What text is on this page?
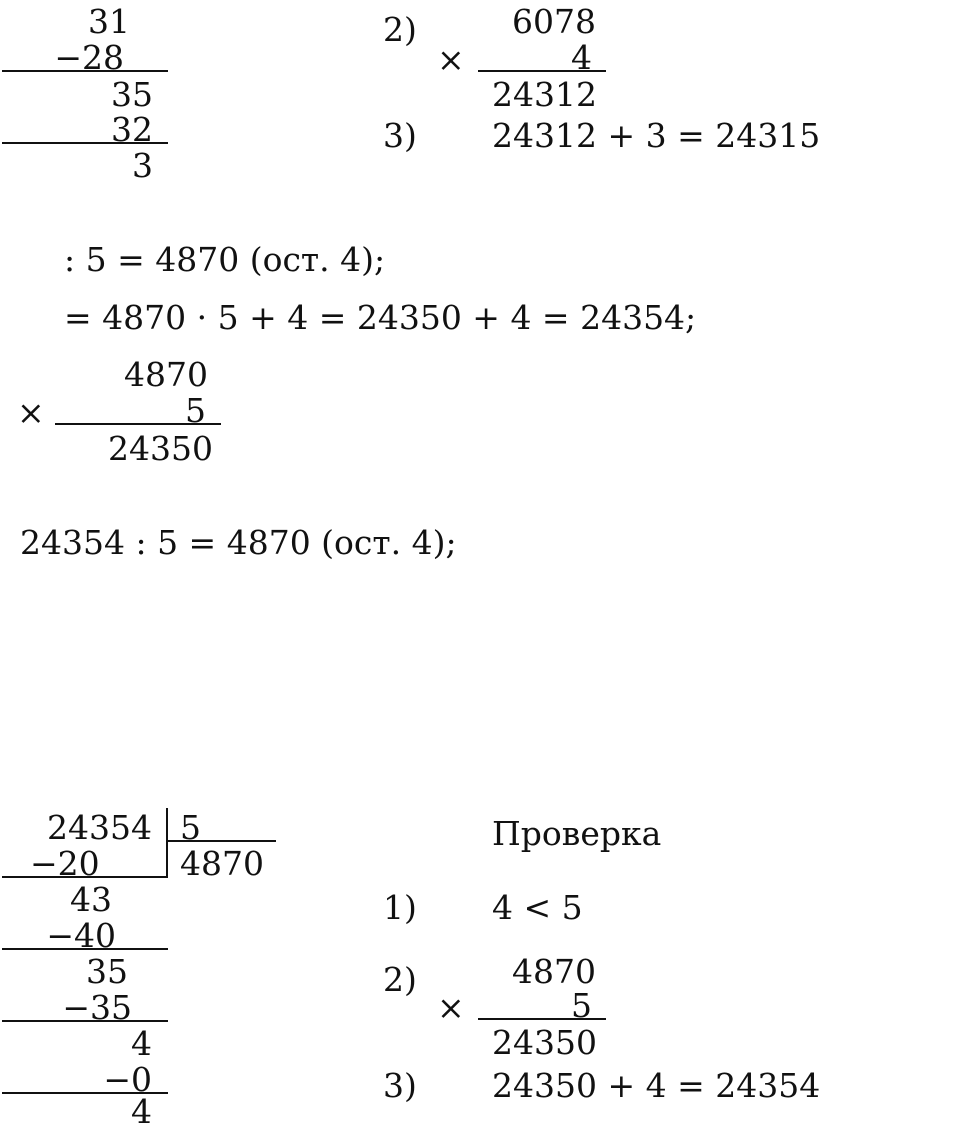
31
−28
35
32
3
2)
×
6078
4
24312
3) 24312 + 3 = 24315
: 5 = 4870 (ост. 4);
= 4870 · 5 + 4 = 24350 + 4 = 24354;
×
4870
5
24350
24354 : 5 = 4870 (ост. 4);
24354 5
4870
−20
43
−40
35
−35
4
−0
4
Проверка
1) 4 < 5
2)
×
4870
5
24350
3) 24350 + 4 = 24354
